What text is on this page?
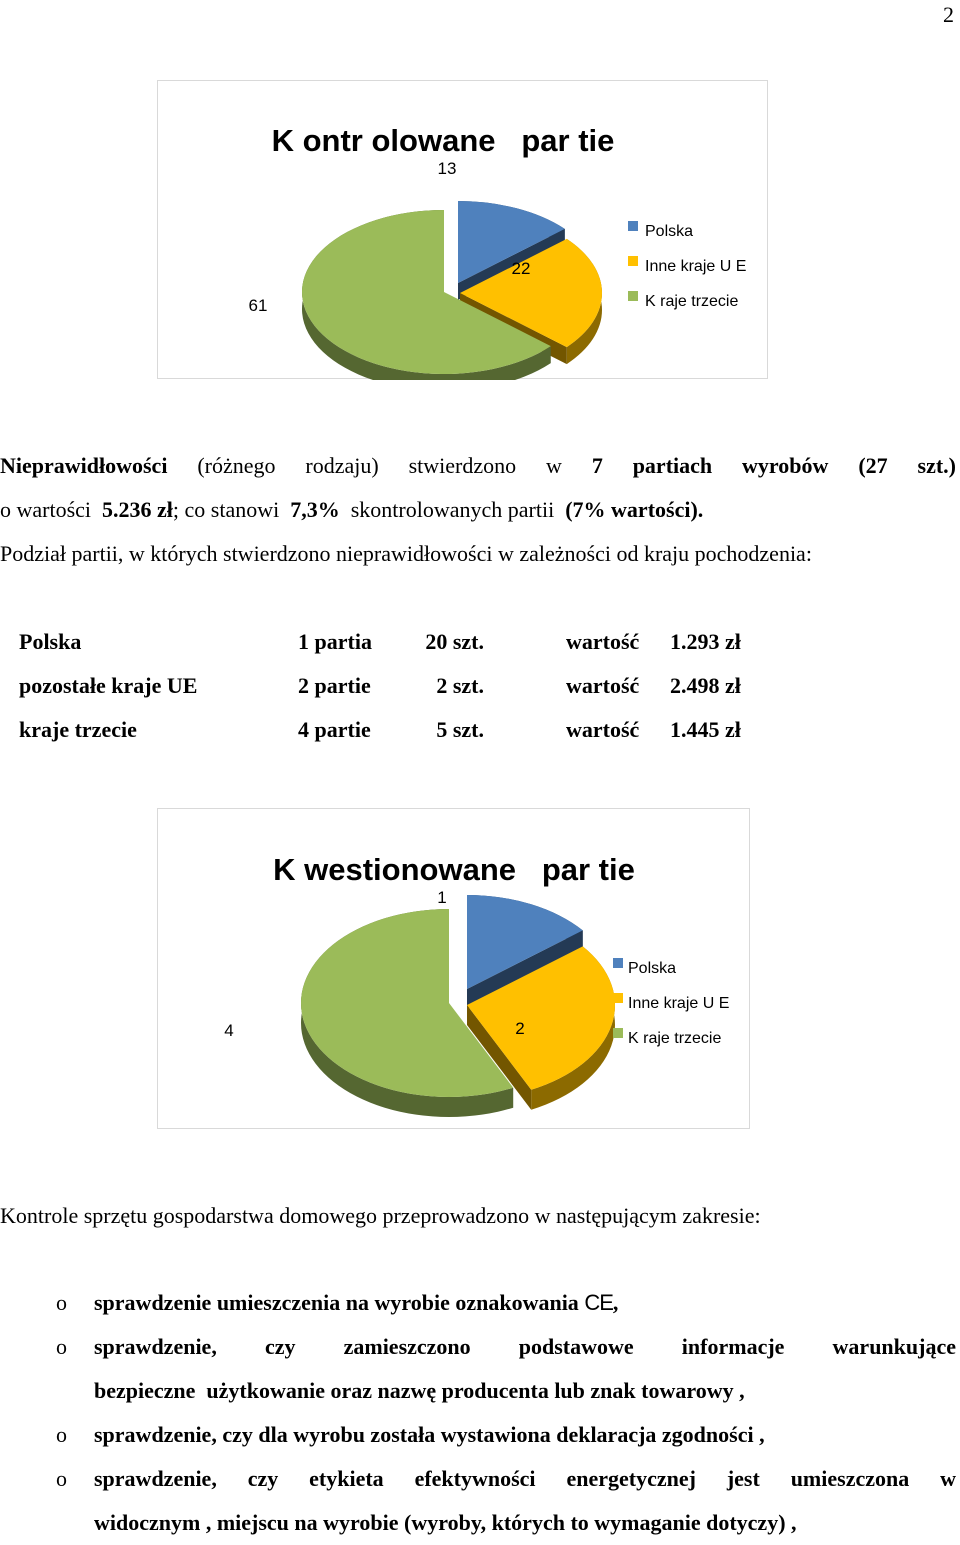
2
K ontr olowane   par tie
13
22
61
Polska
Inne kraje U E
K raje trzecie
Nieprawidłowości (różnego rodzaju) stwierdzono w 7 partiach wyrobów (27 szt.)
o wartości 5.236 zł; co stanowi 7,3% skontrolowanych partii (7% wartości).
Podział partii, w których stwierdzono nieprawidłowości w zależności od kraju pochodzenia:
Polska	1 partia	20 szt.		wartość	1.293 zł
pozostałe kraje UE	2 partie	2 szt.		wartość	2.498 zł
kraje trzecie	4 partie	5 szt.		wartość	1.445 zł
K westionowane   par tie
1
2
4
Polska
Inne kraje U E
K raje trzecie
Kontrole sprzętu gospodarstwa domowego przeprowadzono w następującym zakresie:
o sprawdzenie umieszczenia na wyrobie oznakowania CE,
o sprawdzenie, czy zamieszczono podstawowe informacje warunkujące
bezpieczne  użytkowanie oraz nazwę producenta lub znak towarowy ,
o sprawdzenie, czy dla wyrobu została wystawiona deklaracja zgodności ,
o sprawdzenie, czy etykieta efektywności energetycznej jest umieszczona w
widocznym , miejscu na wyrobie (wyroby, których to wymaganie dotyczy) ,
